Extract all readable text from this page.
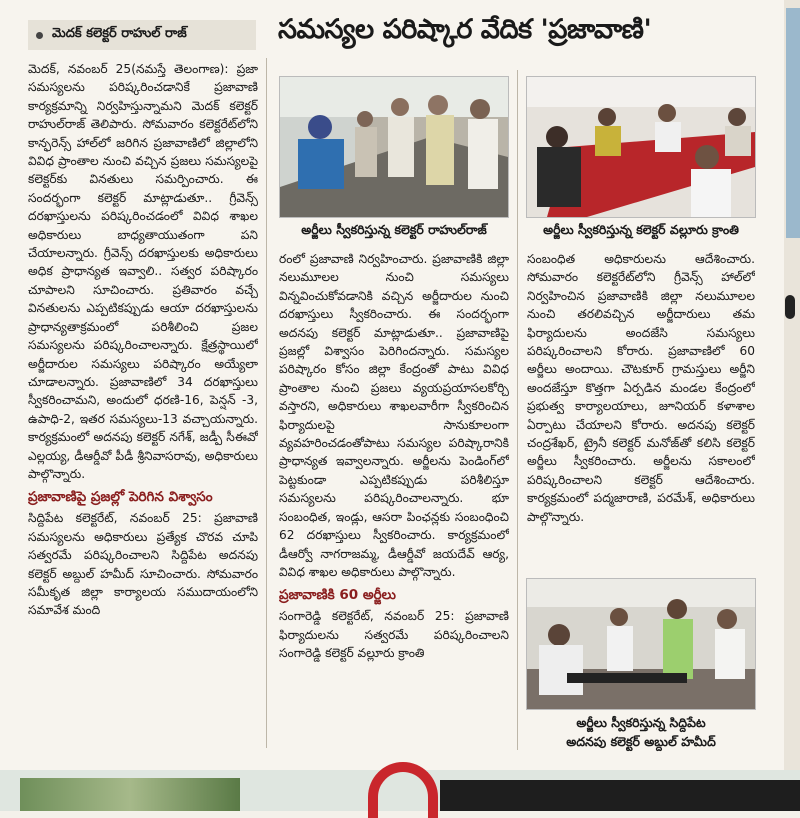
మెదక్ కలెక్టర్ రాహుల్ రాజ్	సమస్యల పరిష్కార వేదిక 'ప్రజావాణి'

మెదక్, నవంబర్ 25(నమస్తే తెలంగాణ): ప్రజా సమస్యలను పరిష్కరించడానికే ప్రజావాణి కార్యక్రమాన్ని నిర్వహిస్తున్నామని మెదక్ కలెక్టర్ రాహుల్‌రాజ్ తెలిపారు. సోమవారం కలెక్టరేట్‌లోని కాన్ఫరెన్స్ హాల్‌లో జరిగిన ప్రజావాణిలో జిల్లాలోని వివిధ ప్రాంతాల నుంచి వచ్చిన ప్రజలు సమస్యలపై కలెక్టర్‌కు వినతులు సమర్పించారు. ఈ సందర్భంగా కలెక్టర్ మాట్లాడుతూ.. గ్రీవెన్స్ దరఖాస్తులను పరిష్కరించడంలో వివిధ శాఖల అధికారులు బాధ్యతాయుతంగా పని చేయాలన్నారు. గ్రీవెన్స్ దరఖాస్తులకు అధికారులు అధిక ప్రాధాన్యత ఇవ్వాలి.. సత్వర పరిష్కారం చూపాలని సూచించారు. ప్రతివారం వచ్చే వినతులను ఎప్పటికప్పుడు ఆయా దరఖాస్తులను ప్రాధాన్యతాక్రమంలో పరిశీలించి ప్రజల సమస్యలను పరిష్కరించాలన్నారు. క్షేత్రస్థాయిలో అర్జీదారుల సమస్యలు పరిష్కారం అయ్యేలా చూడాలన్నారు. ప్రజావాణిలో 34 దరఖాస్తులు స్వీకరించామని, అందులో ధరణి-16, పెన్షన్ -3, ఉపాధి-2, ఇతర సమస్యలు-13 వచ్చాయన్నారు. కార్యక్రమంలో అదనపు కలెక్టర్ నగేశ్, జడ్పీ సీఈవో ఎల్లయ్య, డీఆర్డీవో పీడీ శ్రీనివాసరావు, అధికారులు పాల్గొన్నారు.

ప్రజావాణిపై ప్రజల్లో పెరిగిన విశ్వాసం

సిద్దిపేట కలెక్టరేట్, నవంబర్ 25: ప్రజావాణి సమస్యలను అధికారులు ప్రత్యేక చొరవ చూపి సత్వరమే పరిష్కరించాలని సిద్దిపేట అదనపు కలెక్టర్ అబ్దుల్ హమీద్ సూచించారు. సోమవారం సమీకృత జిల్లా కార్యాలయ సముదాయంలోని సమావేశ మంది

అర్జీలు స్వీకరిస్తున్న కలెక్టర్ రాహుల్‌రాజ్

రంలో ప్రజావాణి నిర్వహించారు. ప్రజావాణికి జిల్లా నలుమూలల నుంచి సమస్యలు విన్నవించుకోవడానికి వచ్చిన అర్జీదారుల నుంచి దరఖాస్తులు స్వీకరించారు. ఈ సందర్భంగా అదనపు కలెక్టర్ మాట్లాడుతూ.. ప్రజావాణిపై ప్రజల్లో విశ్వాసం పెరిగిందన్నారు. సమస్యల పరిష్కారం కోసం జిల్లా కేంద్రంతో పాటు వివిధ ప్రాంతాల నుంచి ప్రజలు వ్యయప్రయాసలకోర్చి వస్తారని, అధికారులు శాఖలవారీగా స్వీకరించిన ఫిర్యాదులపై సానుకూలంగా వ్యవహరించడంతోపాటు సమస్యల పరిష్కారానికి ప్రాధాన్యత ఇవ్వాలన్నారు. అర్జీలను పెండింగ్‌లో పెట్టకుండా ఎప్పటికప్పుడు పరిశీలిస్తూ సమస్యలను పరిష్కరించాలన్నారు. భూ సంబంధిత, ఇండ్లు, ఆసరా పింఛన్లకు సంబంధించి 62 దరఖాస్తులు స్వీకరించారు. కార్యక్రమంలో డీఆర్వో నాగరాజమ్మ, డీఆర్డీవో జయదేవ్ ఆర్య, వివిధ శాఖల అధికారులు పాల్గొన్నారు.

ప్రజావాణికి 60 అర్జీలు

సంగారెడ్డి కలెక్టరేట్, నవంబర్ 25: ప్రజావాణి ఫిర్యాదులను సత్వరమే పరిష్కరించాలని సంగారెడ్డి కలెక్టర్ వల్లూరు క్రాంతి

అర్జీలు స్వీకరిస్తున్న కలెక్టర్ వల్లూరు క్రాంతి

సంబంధిత అధికారులను ఆదేశించారు. సోమవారం కలెక్టరేట్‌లోని గ్రీవెన్స్ హాల్‌లో నిర్వహించిన ప్రజావాణికి జిల్లా నలుమూలల నుంచి తరలివచ్చిన అర్జీదారులు తమ ఫిర్యాదులను అందజేసి సమస్యలు పరిష్కరించాలని కోరారు. ప్రజావాణిలో 60 అర్జీలు అందాయి. చౌటకూర్ గ్రామస్తులు అర్జీని అందజేస్తూ కొత్తగా ఏర్పడిన మండల కేంద్రంలో ప్రభుత్వ కార్యాలయాలు, జూనియర్ కళాశాల ఏర్పాటు చేయాలని కోరారు. అదనపు కలెక్టర్ చంద్రశేఖర్, ట్రైనీ కలెక్టర్ మనోజ్‌తో కలిసి కలెక్టర్ అర్జీలు స్వీకరించారు. అర్జీలను సకాలంలో పరిష్కరించాలని కలెక్టర్ ఆదేశించారు. కార్యక్రమంలో పద్మజారాణి, పరమేశ్, అధికారులు పాల్గొన్నారు.

అర్జీలు స్వీకరిస్తున్న సిద్దిపేట
అదనపు కలెక్టర్ అబ్దుల్ హమీద్
